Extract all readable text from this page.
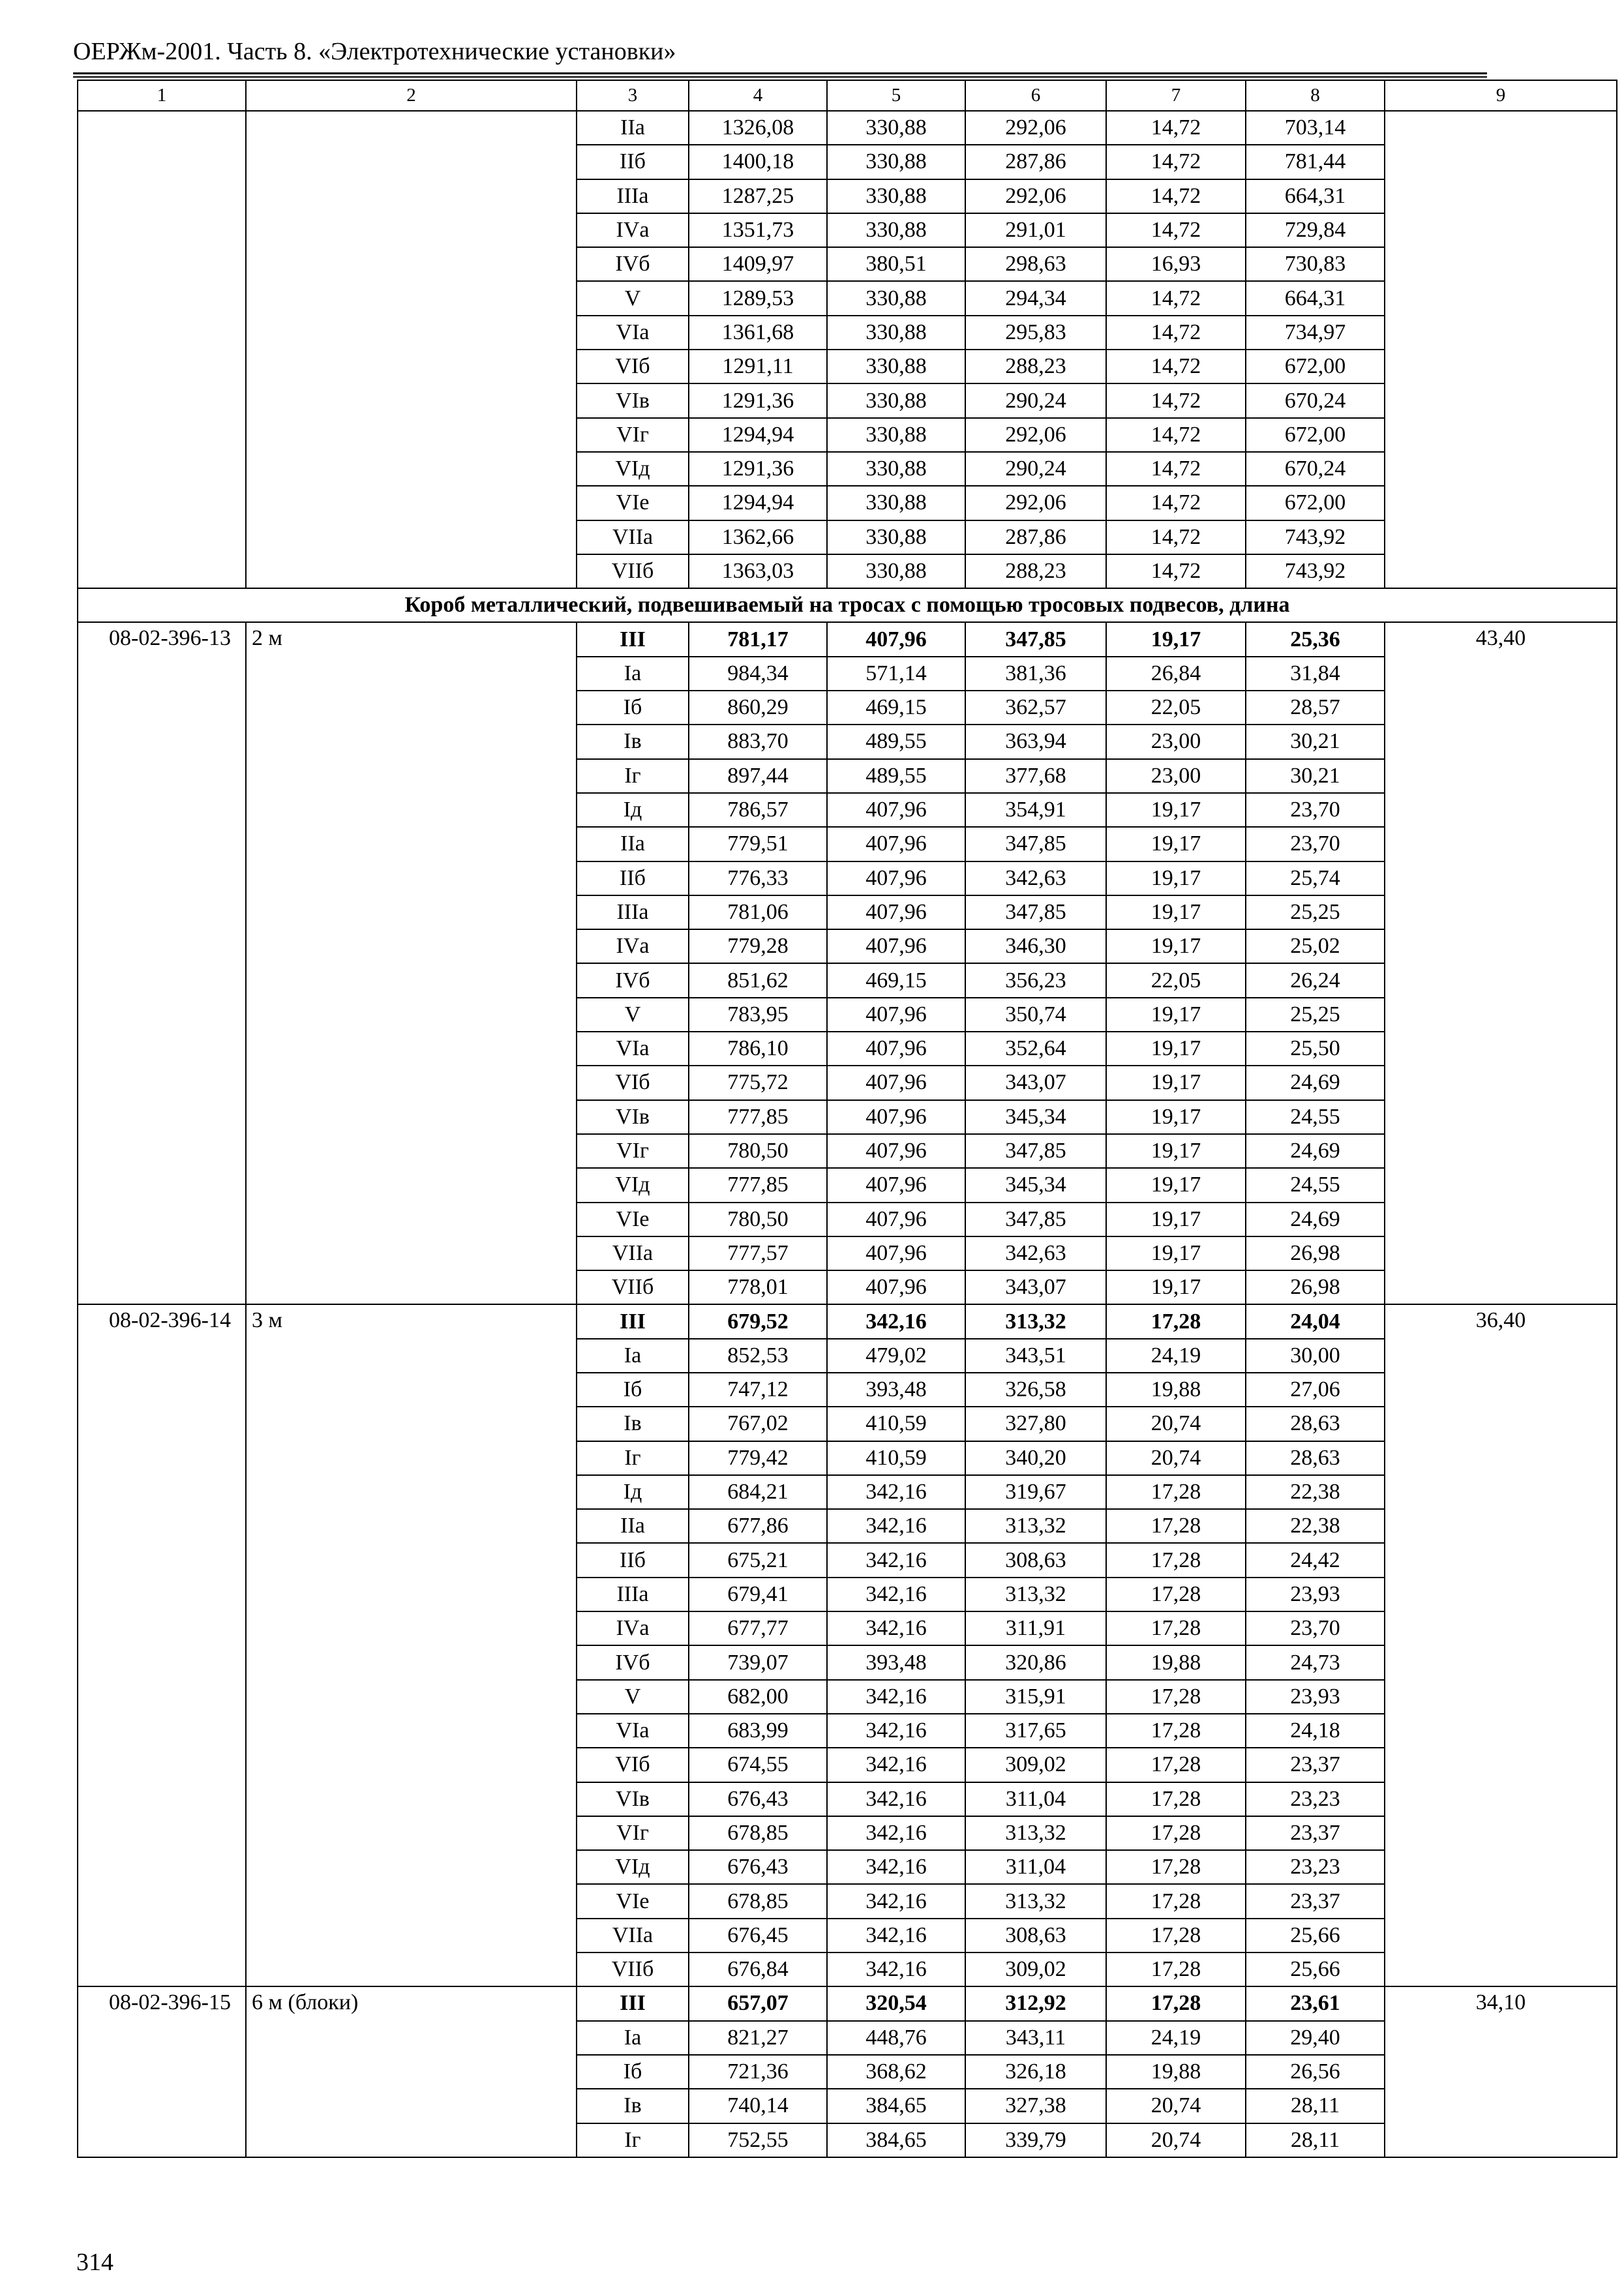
ОЕРЖм-2001. Часть 8. «Электротехнические установки»
1	2	3	4	5	6	7	8	9
		IIа	1326,08	330,88	292,06	14,72	703,14	
		IIб	1400,18	330,88	287,86	14,72	781,44	
		IIIа	1287,25	330,88	292,06	14,72	664,31	
		IVа	1351,73	330,88	291,01	14,72	729,84	
		IVб	1409,97	380,51	298,63	16,93	730,83	
		V	1289,53	330,88	294,34	14,72	664,31	
		VIа	1361,68	330,88	295,83	14,72	734,97	
		VIб	1291,11	330,88	288,23	14,72	672,00	
		VIв	1291,36	330,88	290,24	14,72	670,24	
		VIг	1294,94	330,88	292,06	14,72	672,00	
		VIд	1291,36	330,88	290,24	14,72	670,24	
		VIе	1294,94	330,88	292,06	14,72	672,00	
		VIIа	1362,66	330,88	287,86	14,72	743,92	
		VIIб	1363,03	330,88	288,23	14,72	743,92	
Короб металлический, подвешиваемый на тросах с помощью тросовых подвесов, длина								
08-02-396-13	2 м	III	781,17	407,96	347,85	19,17	25,36	43,40
		Iа	984,34	571,14	381,36	26,84	31,84	
		Iб	860,29	469,15	362,57	22,05	28,57	
		Iв	883,70	489,55	363,94	23,00	30,21	
		Iг	897,44	489,55	377,68	23,00	30,21	
		Iд	786,57	407,96	354,91	19,17	23,70	
		IIа	779,51	407,96	347,85	19,17	23,70	
		IIб	776,33	407,96	342,63	19,17	25,74	
		IIIа	781,06	407,96	347,85	19,17	25,25	
		IVа	779,28	407,96	346,30	19,17	25,02	
		IVб	851,62	469,15	356,23	22,05	26,24	
		V	783,95	407,96	350,74	19,17	25,25	
		VIа	786,10	407,96	352,64	19,17	25,50	
		VIб	775,72	407,96	343,07	19,17	24,69	
		VIв	777,85	407,96	345,34	19,17	24,55	
		VIг	780,50	407,96	347,85	19,17	24,69	
		VIд	777,85	407,96	345,34	19,17	24,55	
		VIе	780,50	407,96	347,85	19,17	24,69	
		VIIа	777,57	407,96	342,63	19,17	26,98	
		VIIб	778,01	407,96	343,07	19,17	26,98	
08-02-396-14	3 м	III	679,52	342,16	313,32	17,28	24,04	36,40
		Iа	852,53	479,02	343,51	24,19	30,00	
		Iб	747,12	393,48	326,58	19,88	27,06	
		Iв	767,02	410,59	327,80	20,74	28,63	
		Iг	779,42	410,59	340,20	20,74	28,63	
		Iд	684,21	342,16	319,67	17,28	22,38	
		IIа	677,86	342,16	313,32	17,28	22,38	
		IIб	675,21	342,16	308,63	17,28	24,42	
		IIIа	679,41	342,16	313,32	17,28	23,93	
		IVа	677,77	342,16	311,91	17,28	23,70	
		IVб	739,07	393,48	320,86	19,88	24,73	
		V	682,00	342,16	315,91	17,28	23,93	
		VIа	683,99	342,16	317,65	17,28	24,18	
		VIб	674,55	342,16	309,02	17,28	23,37	
		VIв	676,43	342,16	311,04	17,28	23,23	
		VIг	678,85	342,16	313,32	17,28	23,37	
		VIд	676,43	342,16	311,04	17,28	23,23	
		VIе	678,85	342,16	313,32	17,28	23,37	
		VIIа	676,45	342,16	308,63	17,28	25,66	
		VIIб	676,84	342,16	309,02	17,28	25,66	
08-02-396-15	6 м (блоки)	III	657,07	320,54	312,92	17,28	23,61	34,10
		Iа	821,27	448,76	343,11	24,19	29,40	
		Iб	721,36	368,62	326,18	19,88	26,56	
		Iв	740,14	384,65	327,38	20,74	28,11	
		Iг	752,55	384,65	339,79	20,74	28,11	
314
